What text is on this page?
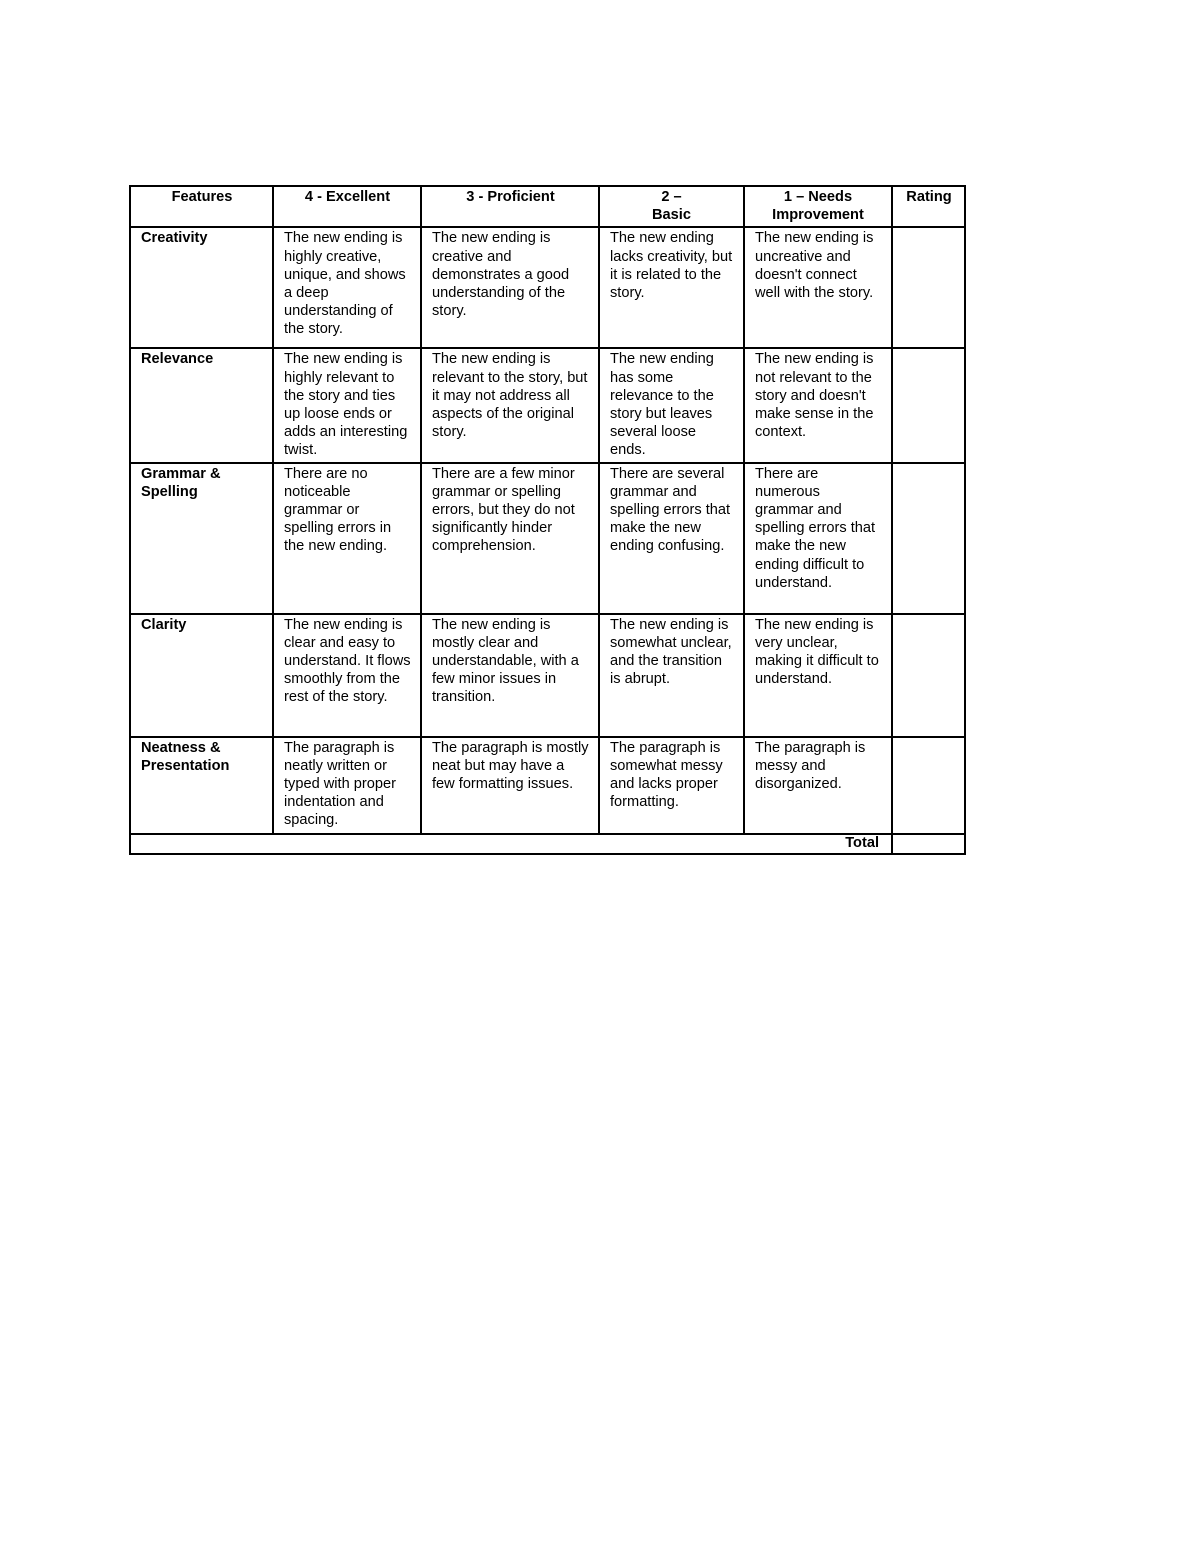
Features	4 - Excellent	3 - Proficient	2 – Basic	1 – Needs Improvement	Rating
Creativity	The new ending is highly creative, unique, and shows a deep understanding of the story.	The new ending is creative and demonstrates a good understanding of the story.	The new ending lacks creativity, but it is related to the story.	The new ending is uncreative and doesn't connect well with the story.	
Relevance	The new ending is highly relevant to the story and ties up loose ends or adds an interesting twist.	The new ending is relevant to the story, but it may not address all aspects of the original story.	The new ending has some relevance to the story but leaves several loose ends.	The new ending is not relevant to the story and doesn't make sense in the context.	
Grammar & Spelling	There are no noticeable grammar or spelling errors in the new ending.	There are a few minor grammar or spelling errors, but they do not significantly hinder comprehension.	There are several grammar and spelling errors that make the new ending confusing.	There are numerous grammar and spelling errors that make the new ending difficult to understand.	
Clarity	The new ending is clear and easy to understand. It flows smoothly from the rest of the story.	The new ending is mostly clear and understandable, with a few minor issues in transition.	The new ending is somewhat unclear, and the transition is abrupt.	The new ending is very unclear, making it difficult to understand.	
Neatness & Presentation	The paragraph is neatly written or typed with proper indentation and spacing.	The paragraph is mostly neat but may have a few formatting issues.	The paragraph is somewhat messy and lacks proper formatting.	The paragraph is messy and disorganized.	
Total					
